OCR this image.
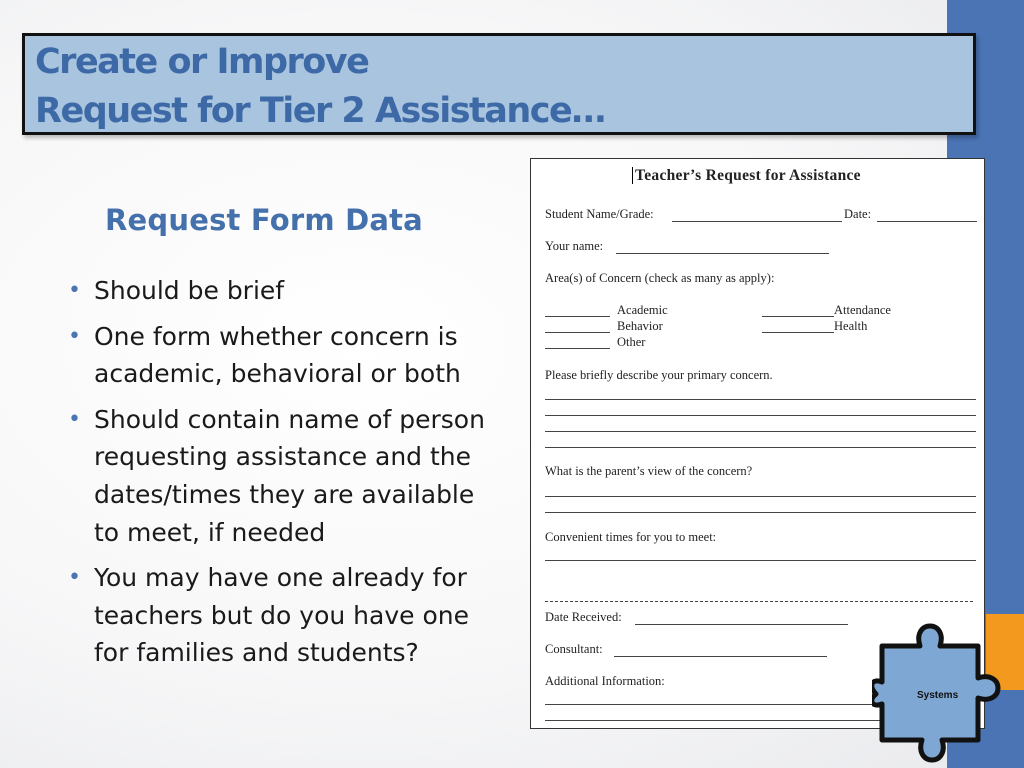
Create or Improve
Request for Tier 2 Assistance…
Request Form Data
• Should be brief
• One form whether concern is academic, behavioral or both
• Should contain name of person requesting assistance and the dates/times they are available to meet, if needed
• You may have one already for teachers but do you have one for families and students?
Teacher’s Request for Assistance
Student Name/Grade:	Date:
Your name:
Area(s) of Concern (check as many as apply):
Academic
Behavior
Other
Attendance
Health
Please briefly describe your primary concern.
What is the parent’s view of the concern?
Convenient times for you to meet:
Date Received:
Consultant:
Additional Information:
Systems
